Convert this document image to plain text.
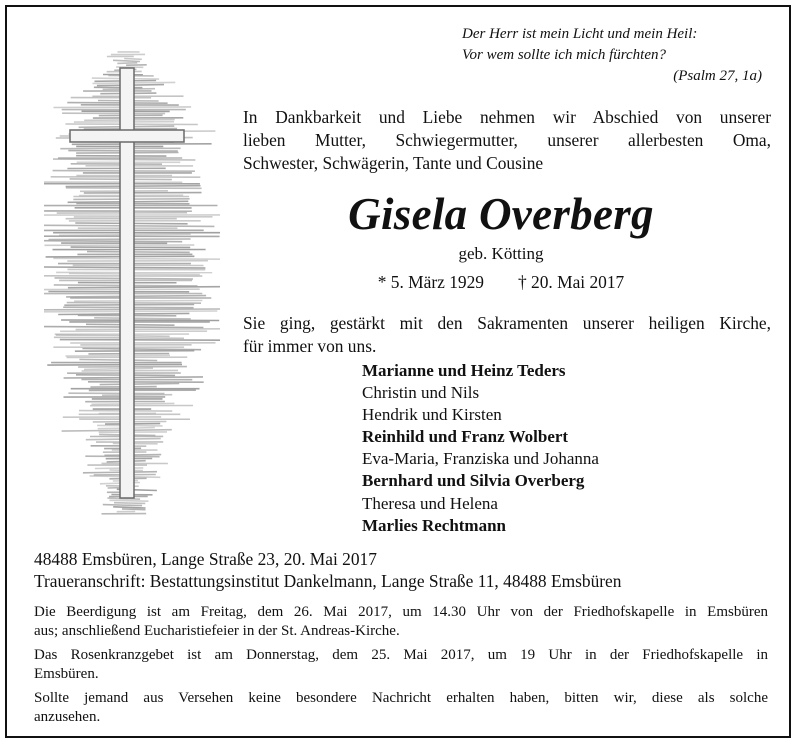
Der Herr ist mein Licht und mein Heil:
Vor wem sollte ich mich fürchten?
(Psalm 27, 1a)
In Dankbarkeit und Liebe nehmen wir Abschied von unserer
lieben Mutter, Schwiegermutter, unserer allerbesten Oma,
Schwester, Schwägerin, Tante und Cousine
Gisela Overberg
geb. Kötting
* 5. März 1929 † 20. Mai 2017
Sie ging, gestärkt mit den Sakramenten unserer heiligen Kirche,
für immer von uns.
Marianne und Heinz Teders
Christin und Nils
Hendrik und Kirsten
Reinhild und Franz Wolbert
Eva-Maria, Franziska und Johanna
Bernhard und Silvia Overberg
Theresa und Helena
Marlies Rechtmann
48488 Emsbüren, Lange Straße 23, 20. Mai 2017
Traueranschrift: Bestattungsinstitut Dankelmann, Lange Straße 11, 48488 Emsbüren

Die Beerdigung ist am Freitag, dem 26. Mai 2017, um 14.30 Uhr von der Friedhofskapelle in Emsbüren
aus; anschließend Eucharistiefeier in der St. Andreas-Kirche.

Das Rosenkranzgebet ist am Donnerstag, dem 25. Mai 2017, um 19 Uhr in der Friedhofskapelle in
Emsbüren.

Sollte jemand aus Versehen keine besondere Nachricht erhalten haben, bitten wir, diese als solche
anzusehen.
